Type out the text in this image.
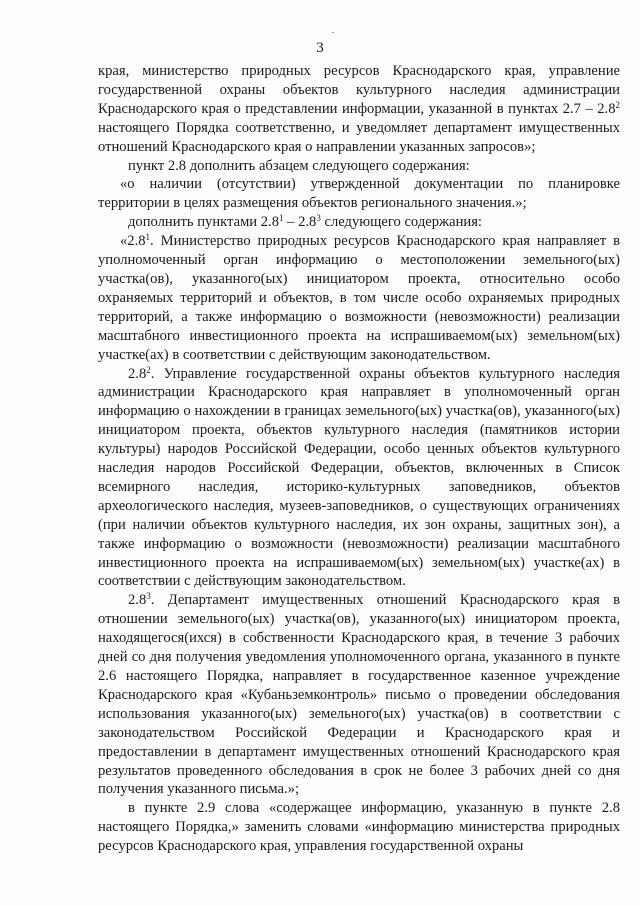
3

края, министерство природных ресурсов Краснодарского края, управление государственной охраны объектов культурного наследия администрации Краснодарского края о представлении информации, указанной в пунктах $2.7 - 2.8^2$ настоящего Порядка соответственно, и уведомляет департамент имущественных отношений Краснодарского края о направлении указанных запросов»;

пункт 2.8 дополнить абзацем следующего содержания:

«о наличии (отсутствии) утвержденной документации по планировке территории в целях размещения объектов регионального значения.»;

дополнить пунктами $2.8^1 - 2.8^3$ следующего содержания:

«$2.8^1$. Министерство природных ресурсов Краснодарского края направляет в уполномоченный орган информацию о местоположении земельного(ых) участка(ов), указанного(ых) инициатором проекта, относительно особо охраняемых территорий и объектов, в том числе особо охраняемых природных территорий, а также информацию о возможности (невозможности) реализации масштабного инвестиционного проекта на испрашиваемом(ых) земельном(ых) участке(ах) в соответствии с действующим законодательством.

$2.8^2$. Управление государственной охраны объектов культурного наследия администрации Краснодарского края направляет в уполномоченный орган информацию о нахождении в границах земельного(ых) участка(ов), указанного(ых) инициатором проекта, объектов культурного наследия (памятников истории культуры) народов Российской Федерации, особо ценных объектов культурного наследия народов Российской Федерации, объектов, включенных в Список всемирного наследия, историко-культурных заповедников, объектов археологического наследия, музеев-заповедников, о существующих ограничениях (при наличии объектов культурного наследия, их зон охраны, защитных зон), а также информацию о возможности (невозможности) реализации масштабного инвестиционного проекта на испрашиваемом(ых) земельном(ых) участке(ах) в соответствии с действующим законодательством.

$2.8^3$. Департамент имущественных отношений Краснодарского края в отношении земельного(ых) участка(ов), указанного(ых) инициатором проекта, находящегося(ихся) в собственности Краснодарского края, в течение 3 рабочих дней со дня получения уведомления уполномоченного органа, указанного в пункте 2.6 настоящего Порядка, направляет в государственное казенное учреждение Краснодарского края «Кубаньземконтроль» письмо о проведении обследования использования указанного(ых) земельного(ых) участка(ов) в соответствии с законодательством Российской Федерации и Краснодарского края и предоставлении в департамент имущественных отношений Краснодарского края результатов проведенного обследования в срок не более 3 рабочих дней со дня получения указанного письма.»;

в пункте 2.9 слова «содержащее информацию, указанную в пункте 2.8 настоящего Порядка,» заменить словами «информацию министерства природных ресурсов Краснодарского края, управления государственной охраны
